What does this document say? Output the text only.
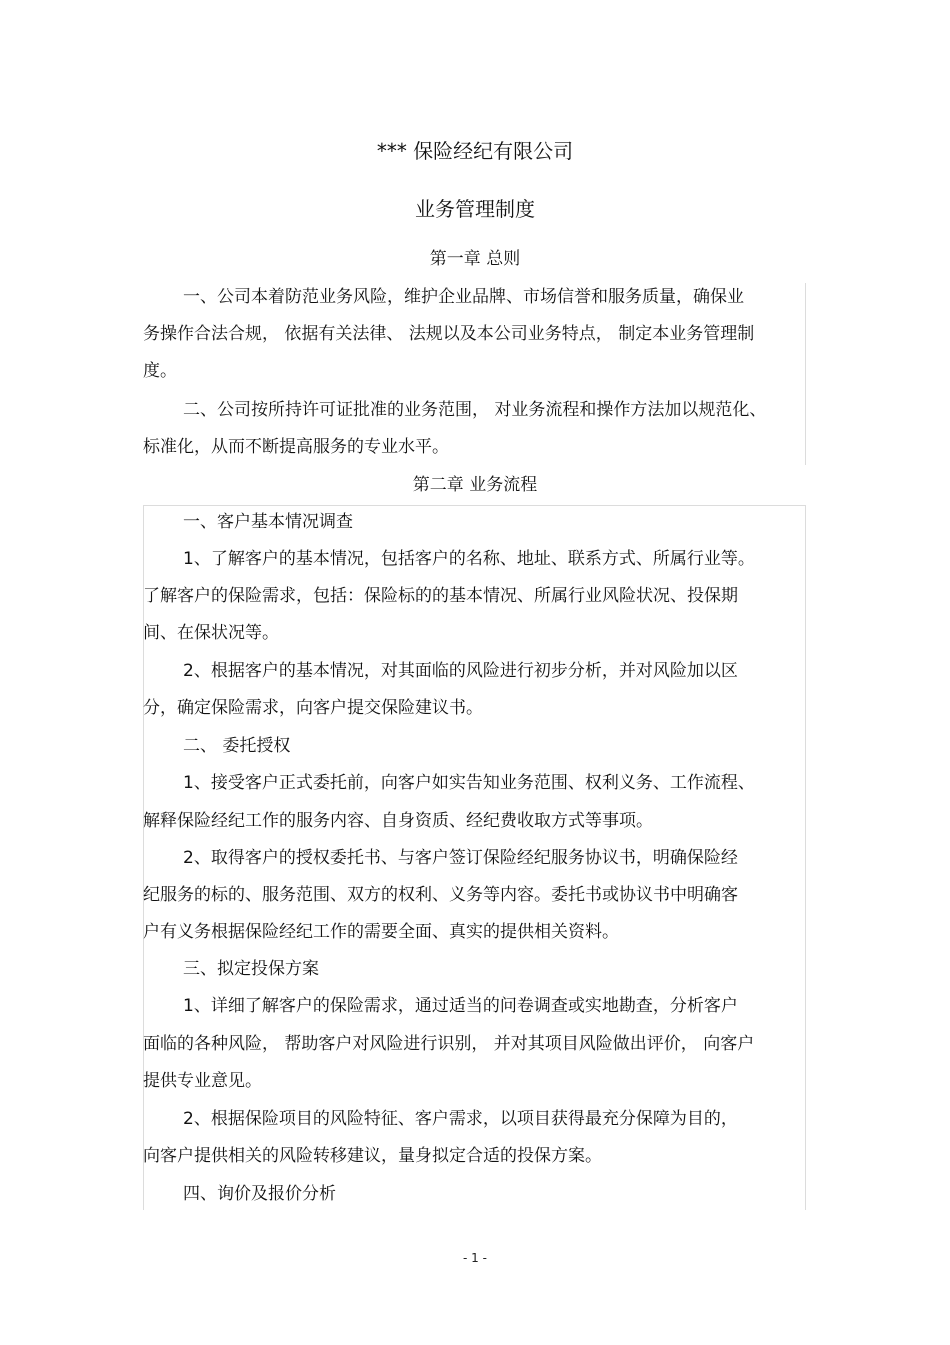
*** 保险经纪有限公司
业务管理制度
第一章 总则
一、公司本着防范业务风险，维护企业品牌、市场信誉和服务质量，确保业
务操作合法合规， 依据有关法律、 法规以及本公司业务特点， 制定本业务管理制
度。
二、公司按所持许可证批准的业务范围， 对业务流程和操作方法加以规范化、
标准化，从而不断提高服务的专业水平。
第二章 业务流程
一、客户基本情况调查
1、了解客户的基本情况，包括客户的名称、地址、联系方式、所属行业等。
了解客户的保险需求，包括：保险标的的基本情况、所属行业风险状况、投保期
间、在保状况等。
2、根据客户的基本情况，对其面临的风险进行初步分析，并对风险加以区
分，确定保险需求，向客户提交保险建议书。
二、 委托授权
1、接受客户正式委托前，向客户如实告知业务范围、权利义务、工作流程、
解释保险经纪工作的服务内容、自身资质、经纪费收取方式等事项。
2、取得客户的授权委托书、与客户签订保险经纪服务协议书，明确保险经
纪服务的标的、服务范围、双方的权利、义务等内容。委托书或协议书中明确客
户有义务根据保险经纪工作的需要全面、真实的提供相关资料。
三、拟定投保方案
1、详细了解客户的保险需求，通过适当的问卷调查或实地勘查，分析客户
面临的各种风险， 帮助客户对风险进行识别， 并对其项目风险做出评价， 向客户
提供专业意见。
2、根据保险项目的风险特征、客户需求，以项目获得最充分保障为目的，
向客户提供相关的风险转移建议，量身拟定合适的投保方案。
四、询价及报价分析
- 1 -
